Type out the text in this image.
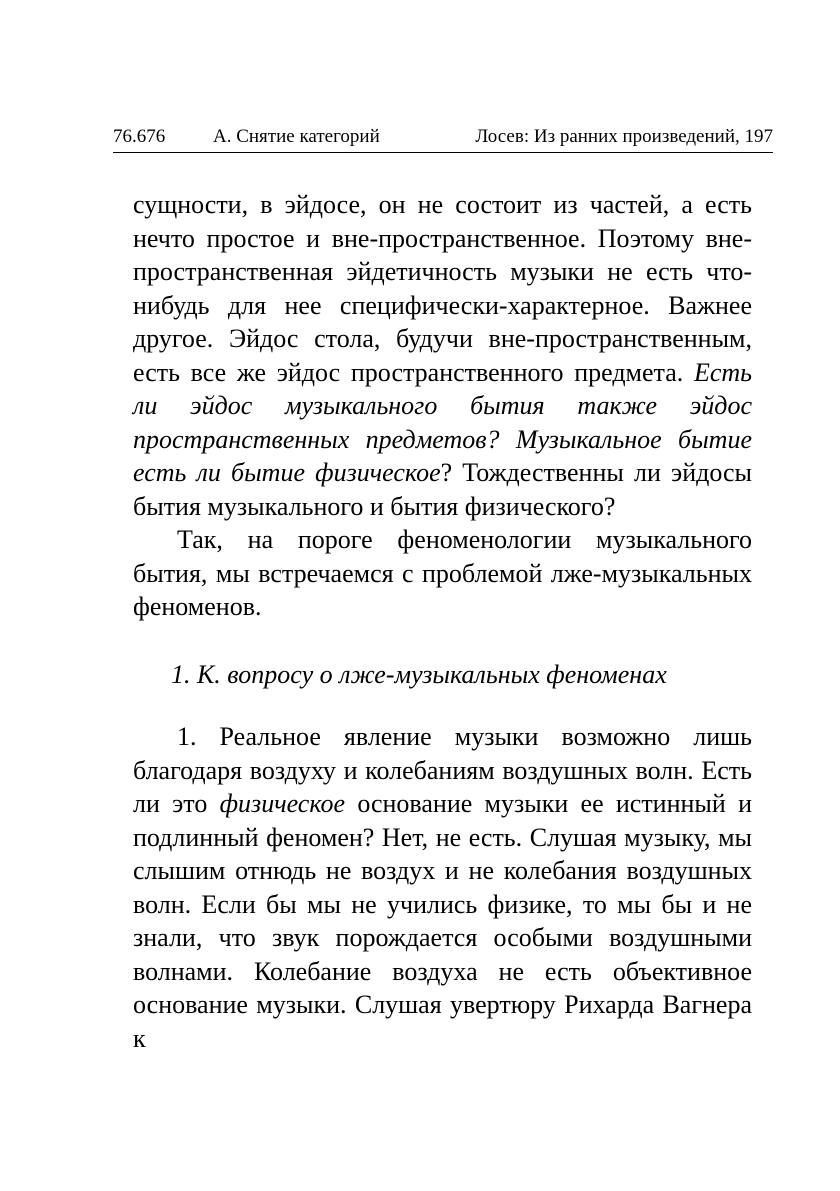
76.676	А. Снятие категорий	Лосев: Из ранних произведений, 197

сущности, в эйдосе, он не состоит из частей, а есть нечто простое и вне-пространственное. Поэтому вне-пространственная эйдетичность музыки не есть что-нибудь для нее специфически-характерное. Важнее другое. Эйдос стола, будучи вне-пространственным, есть все же эйдос пространственного предмета. Есть ли эйдос музыкального бытия также эйдос пространственных предметов? Музыкальное бытие есть ли бытие физическое? Тождественны ли эйдосы бытия музыкального и бытия физического?

Так, на пороге феноменологии музыкального бытия, мы встречаемся с проблемой лже-музыкальных феноменов.

1. К. вопросу о лже-музыкальных феноменах

1. Реальное явление музыки возможно лишь благодаря воздуху и колебаниям воздушных волн. Есть ли это физическое основание музыки ее истинный и подлинный феномен? Нет, не есть. Слушая музыку, мы слышим отнюдь не воздух и не колебания воздушных волн. Если бы мы не учились физике, то мы бы и не знали, что звук порождается особыми воздушными волнами. Колебание воздуха не есть объективное основание музыки. Слушая увертюру Рихарда Вагнера к
